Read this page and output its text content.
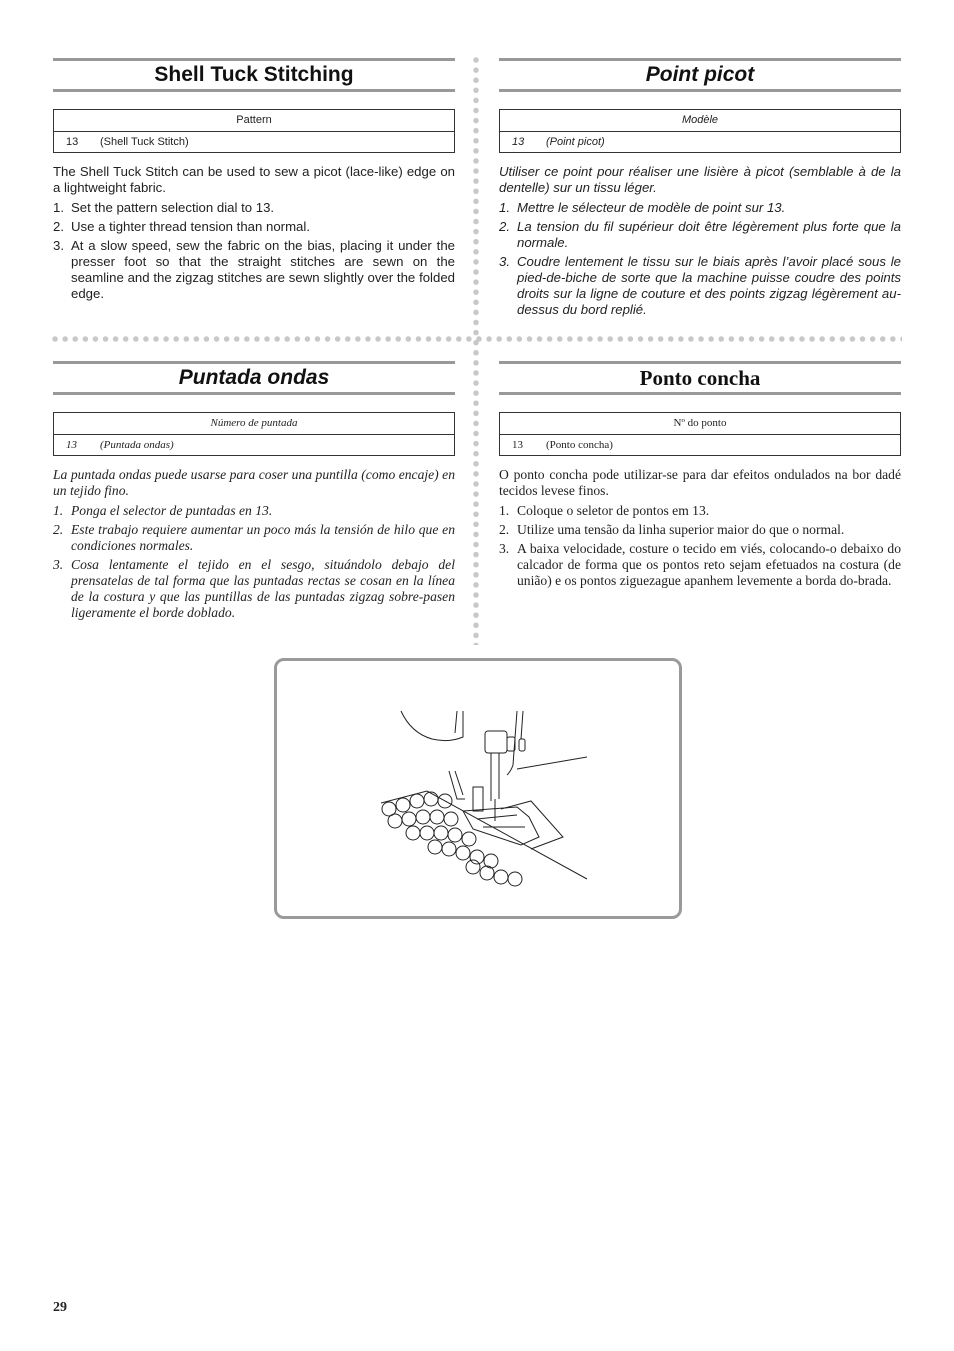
Shell Tuck Stitching
Pattern
13 (Shell Tuck Stitch)

The Shell Tuck Stitch can be used to sew a picot (lace-like) edge on a lightweight fabric.

1. Set the pattern selection dial to 13.
2. Use a tighter thread tension than normal.
3. At a slow speed, sew the fabric on the bias, placing it under the presser foot so that the straight stitches are sewn on the seamline and the zigzag stitches are sewn slightly over the folded edge.
Point picot
Modèle
13 (Point picot)

Utiliser ce point pour réaliser une lisière à picot (semblable à de la dentelle) sur un tissu léger.

1. Mettre le sélecteur de modèle de point sur 13.
2. La tension du fil supérieur doit être légèrement plus forte que la normale.
3. Coudre lentement le tissu sur le biais après l’avoir placé sous le pied-de-biche de sorte que la machine puisse coudre des points droits sur la ligne de couture et des points zigzag légèrement au-dessus du bord replié.
Puntada ondas
Número de puntada
13 (Puntada ondas)

La puntada ondas puede usarse para coser una puntilla (como encaje) en un tejido fino.

1. Ponga el selector de puntadas en 13.
2. Este trabajo requiere aumentar un poco más la tensión de hilo que en condiciones normales.
3. Cosa lentamente el tejido en el sesgo, situándolo debajo del prensatelas de tal forma que las puntadas rectas se cosan en la línea de la costura y que las puntillas de las puntadas zigzag sobre-pasen ligeramente el borde doblado.
Ponto concha
Nº do ponto
13 (Ponto concha)

O ponto concha pode utilizar-se para dar efeitos ondulados na bor dadé tecidos levese finos.

1. Coloque o seletor de pontos em 13.
2. Utilize uma tensão da linha superior maior do que o normal.
3. A baixa velocidade, costure o tecido em viés, colocando-o debaixo do calcador de forma que os pontos reto sejam efetuados na costura (de união) e os pontos ziguezague apanhem levemente a borda do-brada.
29
